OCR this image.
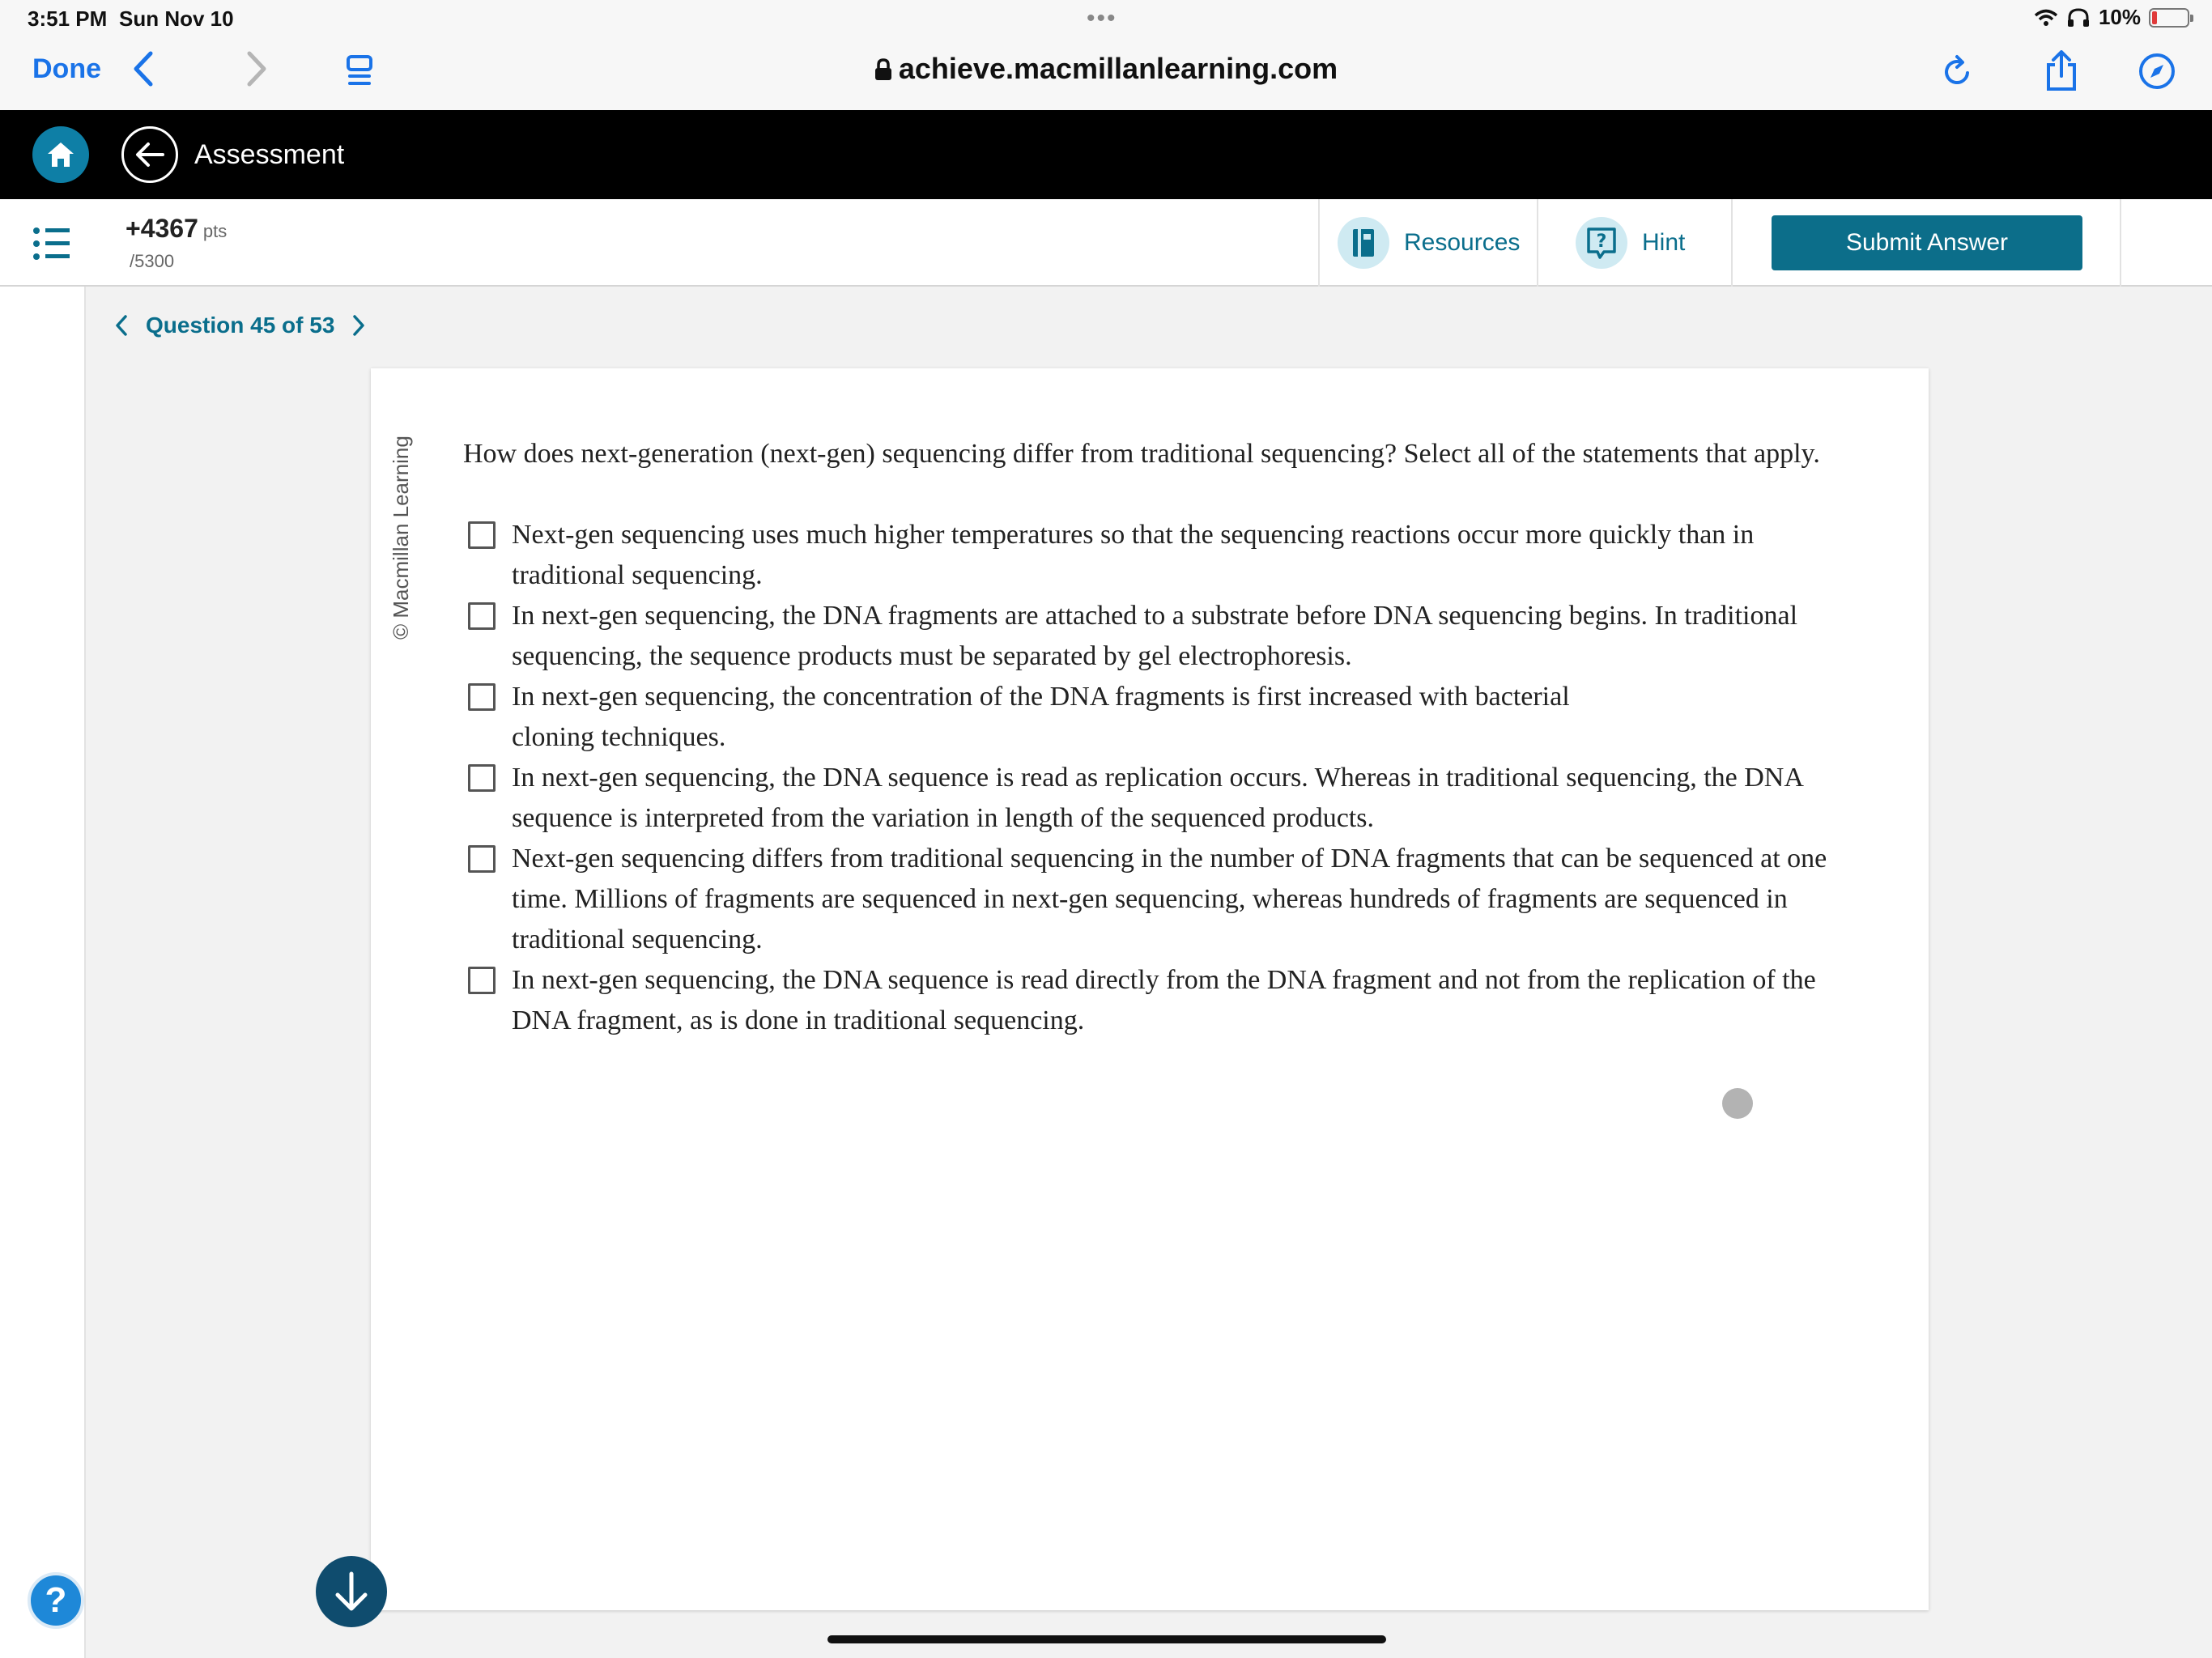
3:51 PM Sun Nov 10	•••	10%
Done	achieve.macmillanlearning.com
Assessment
+4367 pts
/5300
Resources	? Hint	Submit Answer
Question 45 of 53
© Macmillan Learning How does next-generation (next-gen) sequencing differ from traditional sequencing? Select all of the statements that apply.
Next-gen sequencing uses much higher temperatures so that the sequencing reactions occur more quickly than in traditional sequencing.
In next-gen sequencing, the DNA fragments are attached to a substrate before DNA sequencing begins. In traditional sequencing, the sequence products must be separated by gel electrophoresis.
In next-gen sequencing, the concentration of the DNA fragments is first increased with bacterial cloning techniques.
In next-gen sequencing, the DNA sequence is read as replication occurs. Whereas in traditional sequencing, the DNA sequence is interpreted from the variation in length of the sequenced products.
Next-gen sequencing differs from traditional sequencing in the number of DNA fragments that can be sequenced at one time. Millions of fragments are sequenced in next-gen sequencing, whereas hundreds of fragments are sequenced in traditional sequencing.
In next-gen sequencing, the DNA sequence is read directly from the DNA fragment and not from the replication of the DNA fragment, as is done in traditional sequencing.
?
